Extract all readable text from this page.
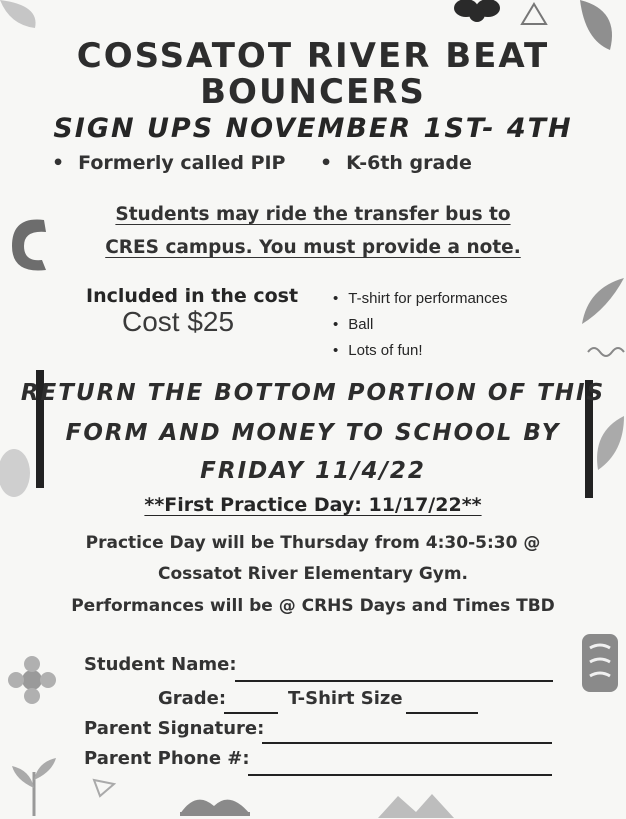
COSSATOT RIVER BEAT
BOUNCERS
SIGN UPS NOVEMBER 1ST- 4TH
• Formerly called PIP
•	K-6th grade
Students may ride the transfer bus to
CRES campus. You must provide a note.
Included in the cost
Cost $25
• T-shirt for performances
• Ball
• Lots of fun!
RETURN THE BOTTOM PORTION OF THIS
FORM AND MONEY TO SCHOOL BY
FRIDAY 11/4/22
**First Practice Day: 11/17/22**
Practice Day will be Thursday from 4:30-5:30 @
Cossatot River Elementary Gym.
Performances will be @ CRHS Days and Times TBD
Student Name:
Grade:	T-Shirt Size
Parent Signature:
Parent Phone #:
